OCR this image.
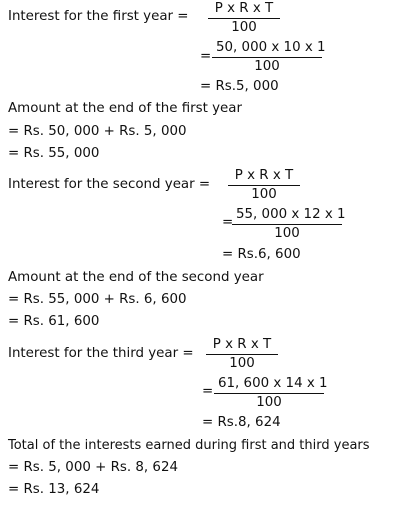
Interest for the first year = $\frac{\text{P x R x T}}{100}$
= $\frac{50, 000 x 10 x 1}{100}$
= Rs.5, 000
Amount at the end of the first year
= Rs. 50, 000 + Rs. 5, 000
= Rs. 55, 000
Interest for the second year = $\frac{\text{P x R x T}}{100}$
=
$\frac{55, 000 x 12 x 1}{100}$
= Rs.6, 600
Amount at the end of the second year
= Rs. 55, 000 + Rs. 6, 600
= Rs. 61, 600
Interest for the third year = $\frac{\text{P x R x T}}{100}$
= $\frac{61, 600 x 14 x 1}{100}$
= Rs.8, 624
Total of the interests earned during first and third years
= Rs. 5, 000 + Rs. 8, 624
= Rs. 13, 624
